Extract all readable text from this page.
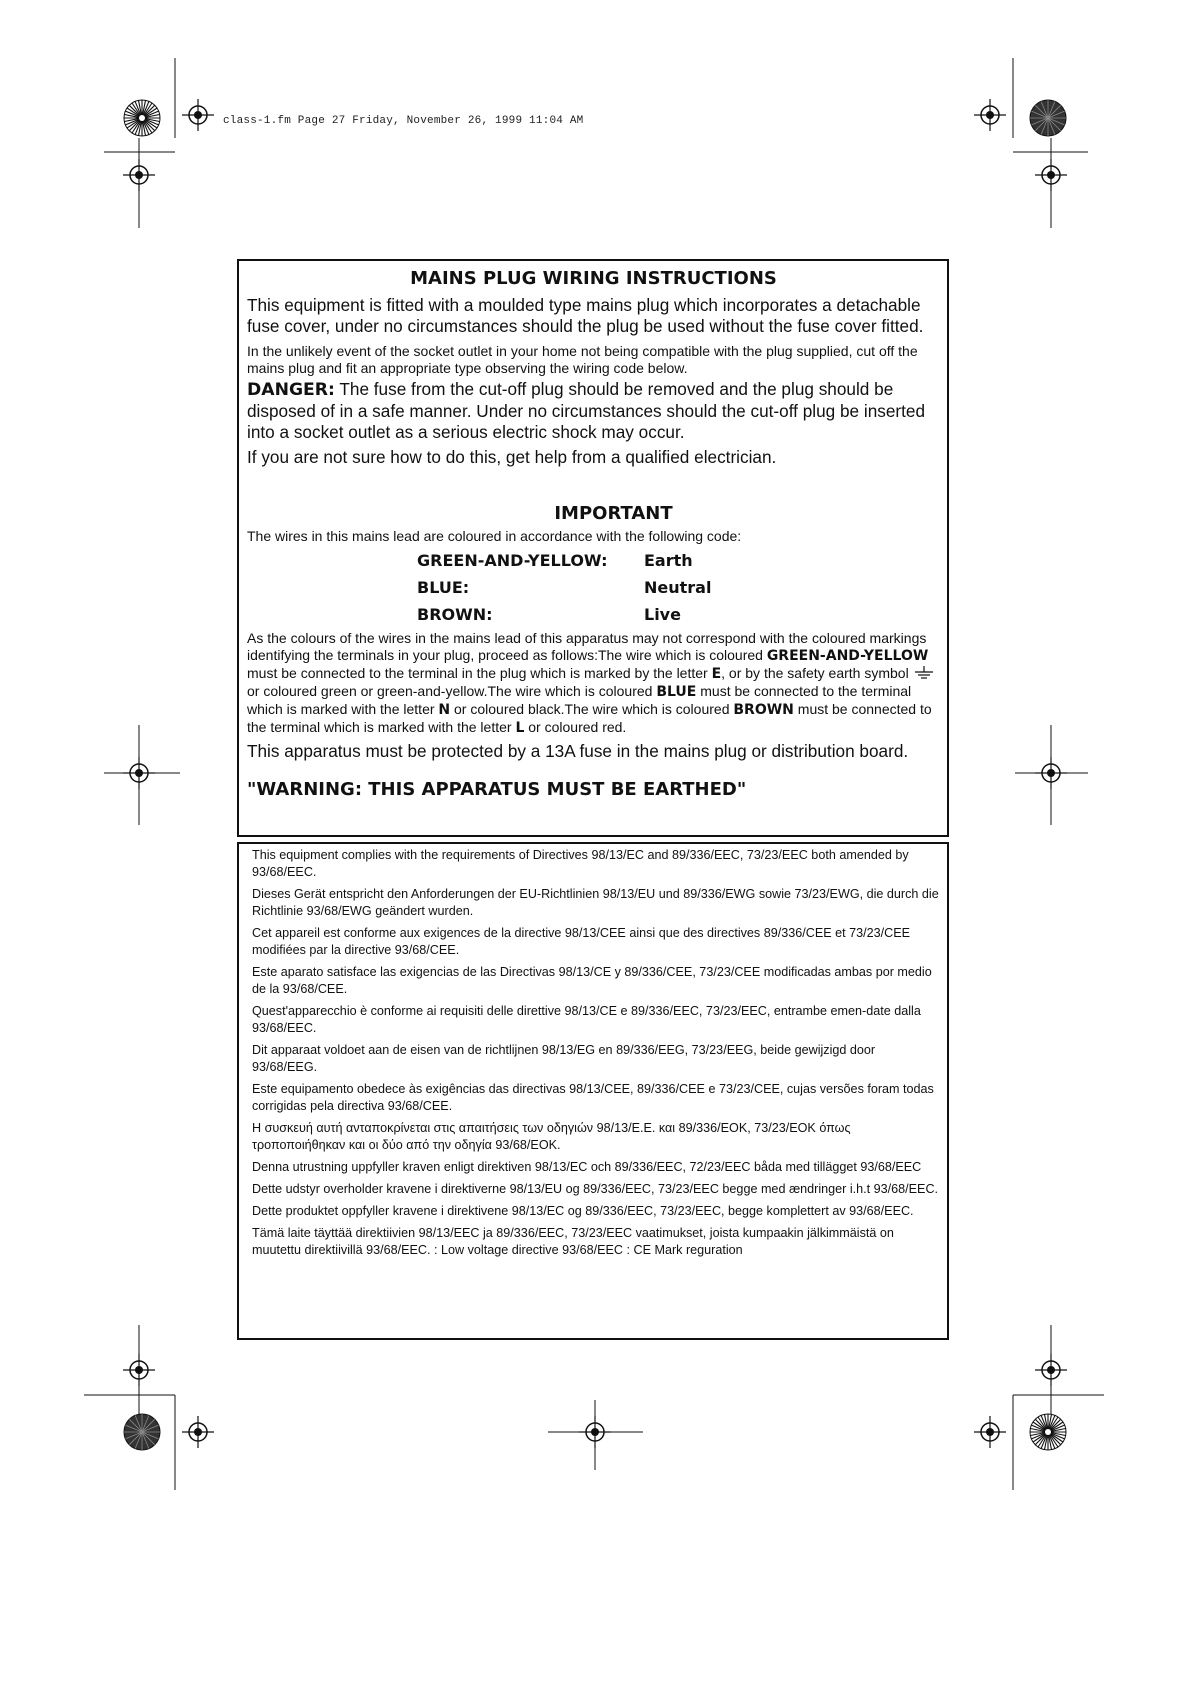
class-1.fm Page 27 Friday, November 26, 1999 11:04 AM
MAINS PLUG WIRING INSTRUCTIONS

This equipment is fitted with a moulded type mains plug which incorporates a detachable fuse cover, under no circumstances should the plug be used without the fuse cover fitted.

In the unlikely event of the socket outlet in your home not being compatible with the plug supplied, cut off the mains plug and fit an appropriate type observing the wiring code below.

DANGER: The fuse from the cut-off plug should be removed and the plug should be disposed of in a safe manner. Under no circumstances should the cut-off plug be inserted into a socket outlet as a serious electric shock may occur.

If you are not sure how to do this, get help from a qualified electrician.

IMPORTANT

The wires in this mains lead are coloured in accordance with the following code:

GREEN-AND-YELLOW:	Earth
BLUE:	Neutral
BROWN:	Live

As the colours of the wires in the mains lead of this apparatus may not correspond with the coloured markings identifying the terminals in your plug, proceed as follows:The wire which is coloured GREEN-AND-YELLOW must be connected to the terminal in the plug which is marked by the letter E, or by the safety earth symbol  or coloured green or green-and-yellow.The wire which is coloured BLUE must be connected to the terminal which is marked with the letter N or coloured black.The wire which is coloured BROWN must be connected to the terminal which is marked with the letter L or coloured red.

This apparatus must be protected by a 13A fuse in the mains plug or distribution board.

"WARNING: THIS APPARATUS MUST BE EARTHED"

This equipment complies with the requirements of Directives 98/13/EC and 89/336/EEC, 73/23/EEC both amended by 93/68/EEC.

Dieses Gerät entspricht den Anforderungen der EU-Richtlinien 98/13/EU und 89/336/EWG sowie 73/23/EWG, die durch die Richtlinie 93/68/EWG geändert wurden.

Cet appareil est conforme aux exigences de la directive 98/13/CEE ainsi que des directives 89/336/CEE et 73/23/CEE modifiées par la directive 93/68/CEE.

Este aparato satisface las exigencias de las Directivas 98/13/CE y 89/336/CEE, 73/23/CEE modificadas ambas por medio de la 93/68/CEE.

Quest'apparecchio è conforme ai requisiti delle direttive 98/13/CE e 89/336/EEC, 73/23/EEC, entrambe emen-date dalla 93/68/EEC.

Dit apparaat voldoet aan de eisen van de richtlijnen 98/13/EG en 89/336/EEG, 73/23/EEG, beide gewijzigd door 93/68/EEG.

Este equipamento obedece às exigências das directivas 98/13/CEE, 89/336/CEE e 73/23/CEE, cujas versões foram todas corrigidas pela directiva 93/68/CEE.

Η συσκευή αυτή ανταποκρίνεται στις απαιτήσεις των οδηγιών 98/13/E.E. και 89/336/EOK, 73/23/EOK όπως τροποποιήθηκαν και οι δύο από την οδηγία 93/68/EOK.

Denna utrustning uppfyller kraven enligt direktiven 98/13/EC och 89/336/EEC, 72/23/EEC båda med tillägget 93/68/EEC

Dette udstyr overholder kravene i direktiverne 98/13/EU og 89/336/EEC, 73/23/EEC begge med ændringer i.h.t 93/68/EEC.

Dette produktet oppfyller kravene i direktivene 98/13/EC og 89/336/EEC, 73/23/EEC, begge komplettert av 93/68/EEC.

Tämä laite täyttää direktiivien 98/13/EEC ja 89/336/EEC, 73/23/EEC vaatimukset, joista kumpaakin jälkimmäistä on muutettu direktiivillä 93/68/EEC. : Low voltage directive 93/68/EEC : CE Mark reguration
